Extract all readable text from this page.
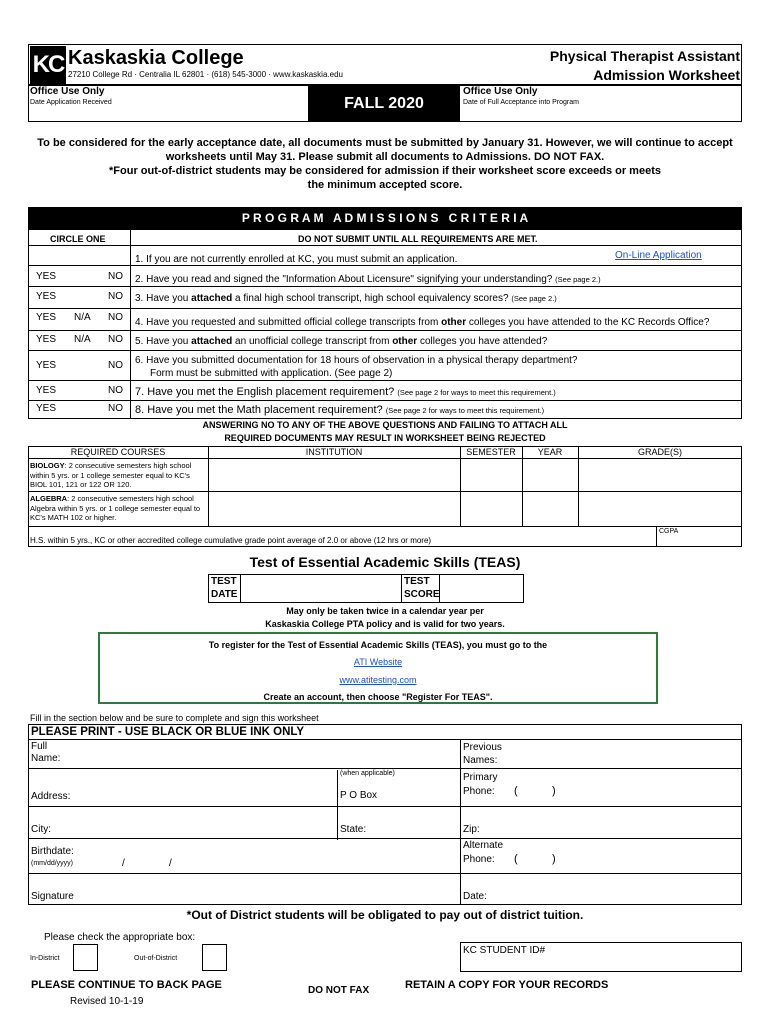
KC Kaskaskia College
27210 College Rd · Centralia IL 62801 · (618) 545-3000 · www.kaskaskia.edu
Physical Therapist Assistant
Admission Worksheet
Office Use Only
Date Application Received	FALL 2020
Office Use Only
Date of Full Acceptance into Program
To be considered for the early acceptance date, all documents must be submitted by January 31. However, we will continue to accept
worksheets until May 31. Please submit all documents to Admissions. DO NOT FAX.
*Four out-of-district students may be considered for admission if their worksheet score exceeds or meets
the minimum accepted score.
P R O G R A M   A D M I S S I O N S   C R I T E R I A
CIRCLE ONE	DO NOT SUBMIT UNTIL ALL REQUIREMENTS ARE MET.
1. If you are not currently enrolled at KC, you must submit an application.	On-Line Application
YES	NO 2. Have you read and signed the "Information About Licensure" signifying your understanding? (See page 2.)
YES	NO 3. Have you attached a final high school transcript, high school equivalency scores? (See page 2.)
YES N/A NO 4. Have you requested and submitted official college transcripts from other colleges you have attended to the KC Records Office?
YES N/A NO 5. Have you attached an unofficial college transcript from other colleges you have attended?
YES	NO 6. Have you submitted documentation for 18 hours of observation in a physical therapy department?
Form must be submitted with application. (See page 2)
YES	NO 7. Have you met the English placement requirement? (See page 2 for ways to meet this requirement.)
YES	NO 8. Have you met the Math placement requirement? (See page 2 for ways to meet this requirement.)
ANSWERING NO TO ANY OF THE ABOVE QUESTIONS AND FAILING TO ATTACH ALL
REQUIRED DOCUMENTS MAY RESULT IN WORKSHEET BEING REJECTED
REQUIRED COURSES	INSTITUTION	SEMESTER	YEAR	GRADE(S)
BIOLOGY: 2 consecutive semesters high school within 5 yrs. or 1 college semester equal to KC's BIOL 101, 121 or 122 OR 120.
ALGEBRA: 2 consecutive semesters high school Algebra within 5 yrs. or 1 college semester equal to KC's MATH 102 or higher.
H.S. within 5 yrs., KC or other accredited college cumulative grade point average of 2.0 or above (12 hrs or more)
CGPA
Test of Essential Academic Skills (TEAS)
TEST
DATE
TEST
SCORE
May only be taken twice in a calendar year per
Kaskaskia College PTA policy and is valid for two years.
To register for the Test of Essential Academic Skills (TEAS), you must go to the
ATI Website
www.atitesting.com
Create an account, then choose "Register For TEAS".
Fill in the section below and be sure to complete and sign this worksheet
PLEASE PRINT - USE BLACK OR BLUE INK ONLY
Full
Name:
Previous
Names:
(when applicable)
Address:	P O Box
Primary
Phone: (	)
City:	State:	Zip:
Birthdate:
(mm/dd/yyyy)	/	/
Alternate
Phone: (	)
Signature	Date:
*Out of District students will be obligated to pay out of district tuition.
Please check the appropriate box:
In-District	Out-of-District
KC STUDENT ID#
PLEASE CONTINUE TO BACK PAGE	DO NOT FAX	RETAIN A COPY FOR YOUR RECORDS
Revised 10-1-19
